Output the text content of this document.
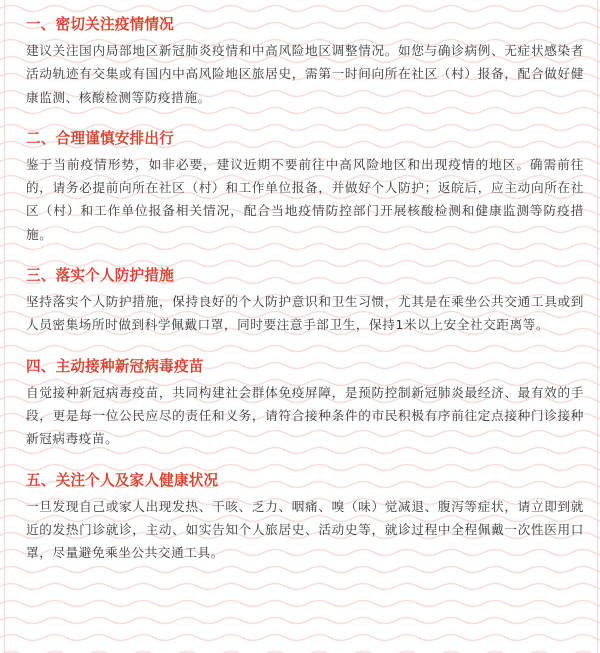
一、密切关注疫情情况

建议关注国内局部地区新冠肺炎疫情和中高风险地区调整情况。如您与确诊病例、无症状感染者活动轨迹有交集或有国内中高风险地区旅居史，需第一时间向所在社区（村）报备，配合做好健康监测、核酸检测等防疫措施。

二、合理谨慎安排出行

鉴于当前疫情形势，如非必要，建议近期不要前往中高风险地区和出现疫情的地区。确需前往的，请务必提前向所在社区（村）和工作单位报备，并做好个人防护；返皖后，应主动向所在社区（村）和工作单位报备相关情况，配合当地疫情防控部门开展核酸检测和健康监测等防疫措施。

三、落实个人防护措施

坚持落实个人防护措施，保持良好的个人防护意识和卫生习惯，尤其是在乘坐公共交通工具或到人员密集场所时做到科学佩戴口罩，同时要注意手部卫生，保持1米以上安全社交距离等。

四、主动接种新冠病毒疫苗

自觉接种新冠病毒疫苗，共同构建社会群体免疫屏障，是预防控制新冠肺炎最经济、最有效的手段，更是每一位公民应尽的责任和义务，请符合接种条件的市民积极有序前往定点接种门诊接种新冠病毒疫苗。

五、关注个人及家人健康状况

一旦发现自己或家人出现发热、干咳、乏力、咽痛、嗅（味）觉减退、腹泻等症状，请立即到就近的发热门诊就诊，主动、如实告知个人旅居史、活动史等，就诊过程中全程佩戴一次性医用口罩，尽量避免乘坐公共交通工具。
